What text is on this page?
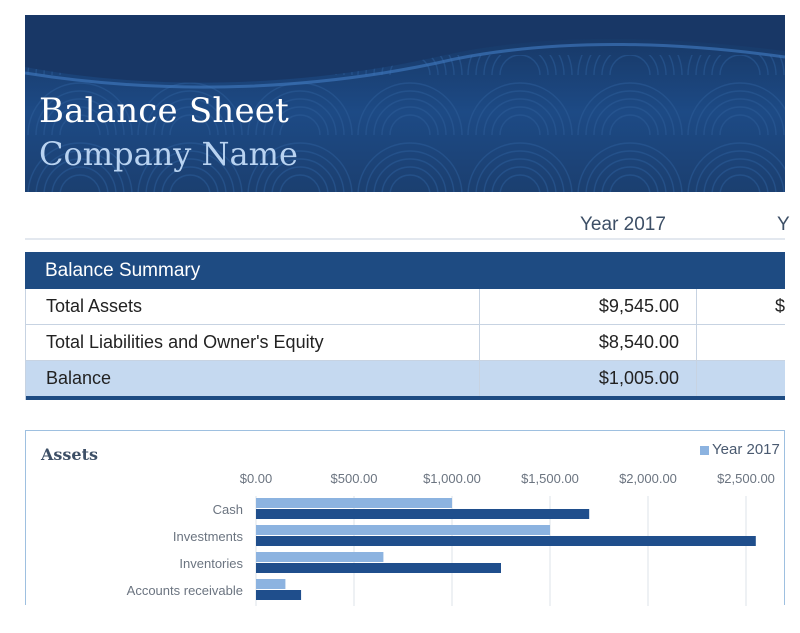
Balance Sheet
Company Name
Year 2017	Y
Balance Summary
Total Assets	$9,545.00	$
Total Liabilities and Owner's Equity	$8,540.00
Balance	$1,005.00
Assets	Year 2017
$0.00	$500.00	$1,000.00	$1,500.00	$2,000.00	$2,500.00
Cash
Investments
Inventories
Accounts receivable
